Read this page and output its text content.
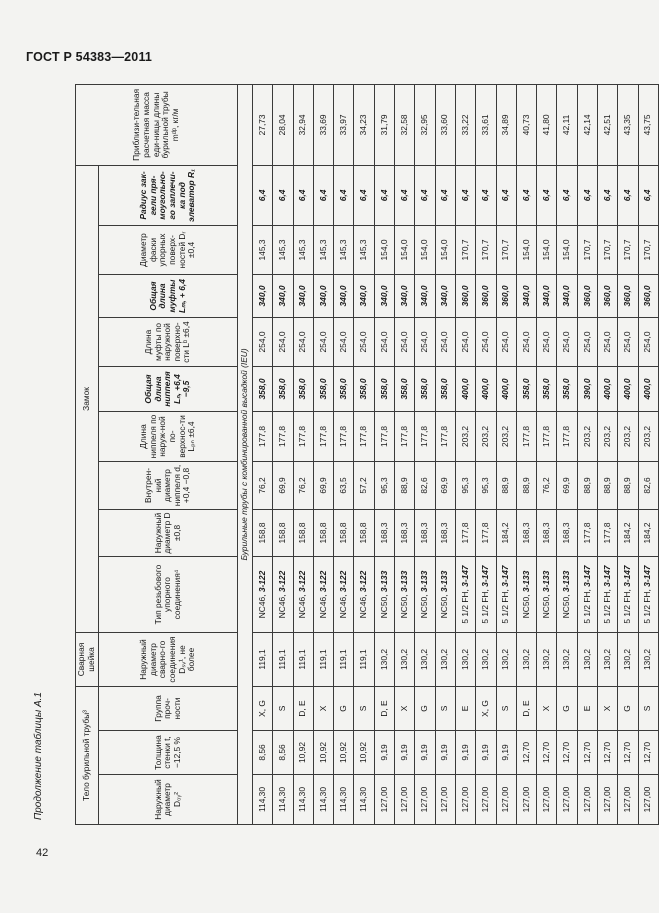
ГОСТ Р 54383—2011
Продолжение таблицы А.1
42
Тело бурильной трубы³			Сварная шейка	Замок									Приблизи-тельная расчетная масса еди-ницы длины бурильной трубы mᵈᵖ, кг/м
Наружный диаметр D₀ᵧ²	Толщина стенки t, −12,5 %	Группа проч-ности	Наружный диаметр сварно-го соединения Dₛᵥ¹, не более	Тип резьбового упорного соединения⁴	Наружный диаметр D ±0,8	Внутрен-ний диаметр ниппеля d, +0,4 −0,8	Длина ниппеля по наруж-ной по-верхнос-ти Lₚₙ ±6,4	Общая длина ниппеля Lₙ, +6,4 −9,5	Длина муфты по наружной поверхно-сти Lᵇ ±6,4	Общая длина муфты Lₘ, + 6,4	Диаметр фаски упорных поверх-ностей Dᵣ ±0,4	Радиус зак-гели пря-моугольно-го заплечи-ка под элеватор R₁	
Бурильные трубы с комбинированной высадкой (IEU)													
114,30	8,56	X, G	119,1	NC46, 3-122	158,8	76,2	177,8	358,0	254,0	340,0	145,3	6,4	27,73
114,30	8,56	S	119,1	NC46, 3-122	158,8	69,9	177,8	358,0	254,0	340,0	145,3	6,4	28,04
114,30	10,92	D, E	119,1	NC46, 3-122	158,8	76,2	177,8	358,0	254,0	340,0	145,3	6,4	32,94
114,30	10,92	X	119,1	NC46, 3-122	158,8	69,9	177,8	358,0	254,0	340,0	145,3	6,4	33,69
114,30	10,92	G	119,1	NC46, 3-122	158,8	63,5	177,8	358,0	254,0	340,0	145,3	6,4	33,97
114,30	10,92	S	119,1	NC46, 3-122	158,8	57,2	177,8	358,0	254,0	340,0	145,3	6,4	34,23
127,00	9,19	D, E	130,2	NC50, 3-133	168,3	95,3	177,8	358,0	254,0	340,0	154,0	6,4	31,79
127,00	9,19	X	130,2	NC50, 3-133	168,3	88,9	177,8	358,0	254,0	340,0	154,0	6,4	32,58
127,00	9,19	G	130,2	NC50, 3-133	168,3	82,6	177,8	358,0	254,0	340,0	154,0	6,4	32,95
127,00	9,19	S	130,2	NC50, 3-133	168,3	69,9	177,8	358,0	254,0	340,0	154,0	6,4	33,60
127,00	9,19	E	130,2	5 1/2 FH, 3-147	177,8	95,3	203,2	400,0	254,0	360,0	170,7	6,4	33,22
127,00	9,19	X, G	130,2	5 1/2 FH, 3-147	177,8	95,3	203,2	400,0	254,0	360,0	170,7	6,4	33,61
127,00	9,19	S	130,2	5 1/2 FH, 3-147	184,2	88,9	203,2	400,0	254,0	360,0	170,7	6,4	34,89
127,00	12,70	D, E	130,2	NC50, 3-133	168,3	88,9	177,8	358,0	254,0	340,0	154,0	6,4	40,73
127,00	12,70	X	130,2	NC50, 3-133	168,3	76,2	177,8	358,0	254,0	340,0	154,0	6,4	41,80
127,00	12,70	G	130,2	NC50, 3-133	168,3	69,9	177,8	358,0	254,0	340,0	154,0	6,4	42,11
127,00	12,70	E	130,2	5 1/2 FH, 3-147	177,8	88,9	203,2	390,0	254,0	360,0	170,7	6,4	42,14
127,00	12,70	X	130,2	5 1/2 FH, 3-147	177,8	88,9	203,2	400,0	254,0	360,0	170,7	6,4	42,51
127,00	12,70	G	130,2	5 1/2 FH, 3-147	184,2	88,9	203,2	400,0	254,0	360,0	170,7	6,4	43,35
127,00	12,70	S	130,2	5 1/2 FH, 3-147	184,2	82,6	203,2	400,0	254,0	360,0	170,7	6,4	43,75
